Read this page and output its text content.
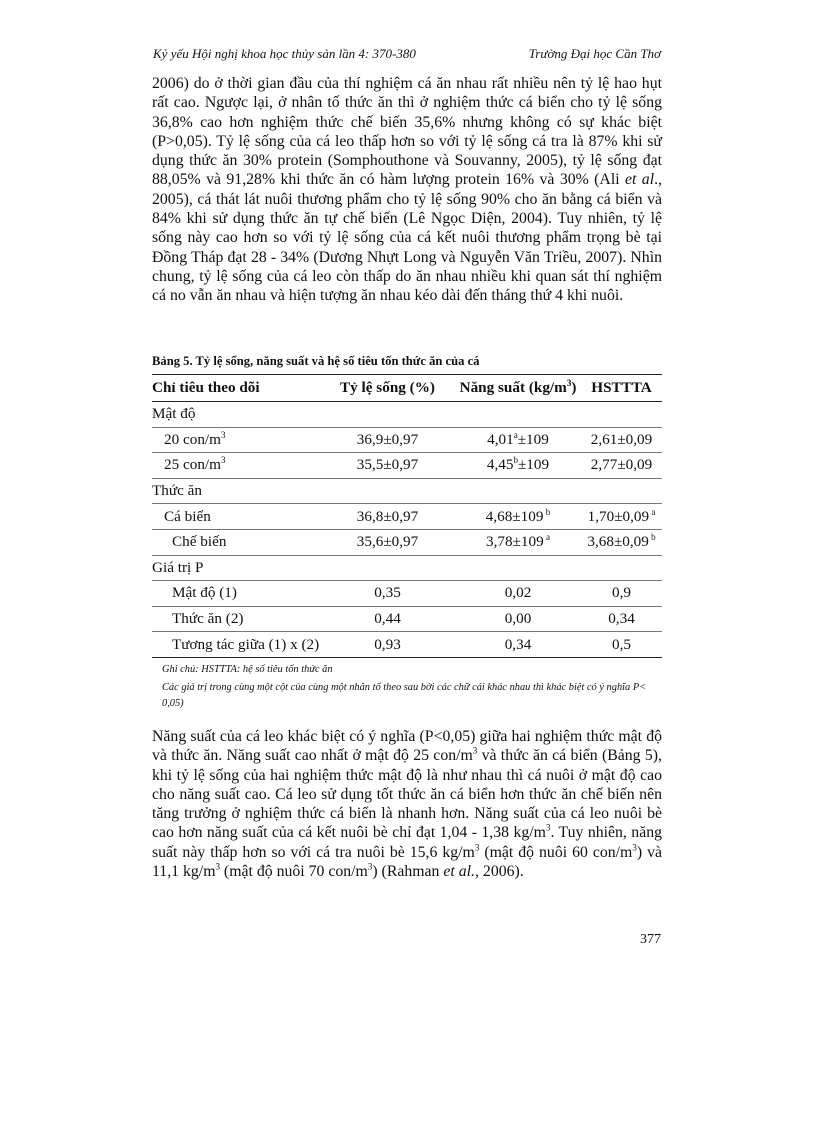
Kỷ yếu Hội nghị khoa học thủy sản lần 4: 370-380	Trường Đại học Cần Thơ

2006) do ở thời gian đầu của thí nghiệm cá ăn nhau rất nhiều nên tỷ lệ hao hụt rất cao. Ngược lại, ở nhân tố thức ăn thì ở nghiệm thức cá biển cho tỷ lệ sống 36,8% cao hơn nghiệm thức chế biến 35,6% nhưng không có sự khác biệt (P>0,05). Tỷ lệ sống của cá leo thấp hơn so với tỷ lệ sống cá tra là 87% khi sử dụng thức ăn 30% protein (Somphouthone và Souvanny, 2005), tỷ lệ sống đạt 88,05% và 91,28% khi thức ăn có hàm lượng protein 16% và 30% (Ali et al., 2005), cá thát lát nuôi thương phẩm cho tỷ lệ sống 90% cho ăn bằng cá biển và 84% khi sử dụng thức ăn tự chế biến (Lê Ngọc Diện, 2004). Tuy nhiên, tỷ lệ sống này cao hơn so với tỷ lệ sống của cá kết nuôi thương phẩm trọng bè tại Đồng Tháp đạt 28 - 34% (Dương Nhựt Long và Nguyễn Văn Triều, 2007). Nhìn chung, tỷ lệ sống của cá leo còn thấp do ăn nhau nhiều khi quan sát thí nghiệm cá no vẫn ăn nhau và hiện tượng ăn nhau kéo dài đến tháng thứ 4 khi nuôi.

Bảng 5. Tỷ lệ sống, năng suất và hệ số tiêu tốn thức ăn của cá
Chỉ tiêu theo dõi	Tỷ lệ sống (%)	Năng suất $(kg/m^3)$	HSTTTA
Mật độ			
20 con/$m^3$	36,9±0,97	4,01$^a$±109	2,61±0,09
25 con/$m^3$	35,5±0,97	4,45$^b$±109	2,77±0,09
Thức ăn			
Cá biển	36,8±0,97	4,68±109 $^b$	1,70±0,09 $^a$
Chế biến	35,6±0,97	3,78±109 $^a$	3,68±0,09 $^b$
Giá trị P			
Mật độ (1)	0,35	0,02	0,9
Thức ăn (2)	0,44	0,00	0,34
Tương tác giữa (1) x (2)	0,93	0,34	0,5
Ghi chú: HSTTTA: hệ số tiêu tốn thức ăn
Các giá trị trong cùng một cột của cùng một nhân tố theo sau bởi các chữ cái khác nhau thì khác biệt có ý nghĩa P< 0,05)

Năng suất của cá leo khác biệt có ý nghĩa (P<0,05) giữa hai nghiệm thức mật độ và thức ăn. Năng suất cao nhất ở mật độ 25 con/$m^3$ và thức ăn cá biển (Bảng 5), khi tỷ lệ sống của hai nghiệm thức mật độ là như nhau thì cá nuôi ở mật độ cao cho năng suất cao. Cá leo sử dụng tốt thức ăn cá biển hơn thức ăn chế biến nên tăng trưởng ở nghiệm thức cá biển là nhanh hơn. Năng suất của cá leo nuôi bè cao hơn năng suất của cá kết nuôi bè chỉ đạt 1,04 - 1,38 $kg/m^3$. Tuy nhiên, năng suất này thấp hơn so với cá tra nuôi bè 15,6 $kg/m^3$ (mật độ nuôi 60 con/$m^3$) và 11,1 $kg/m^3$ (mật độ nuôi 70 con/$m^3$) (Rahman et al., 2006).

377
